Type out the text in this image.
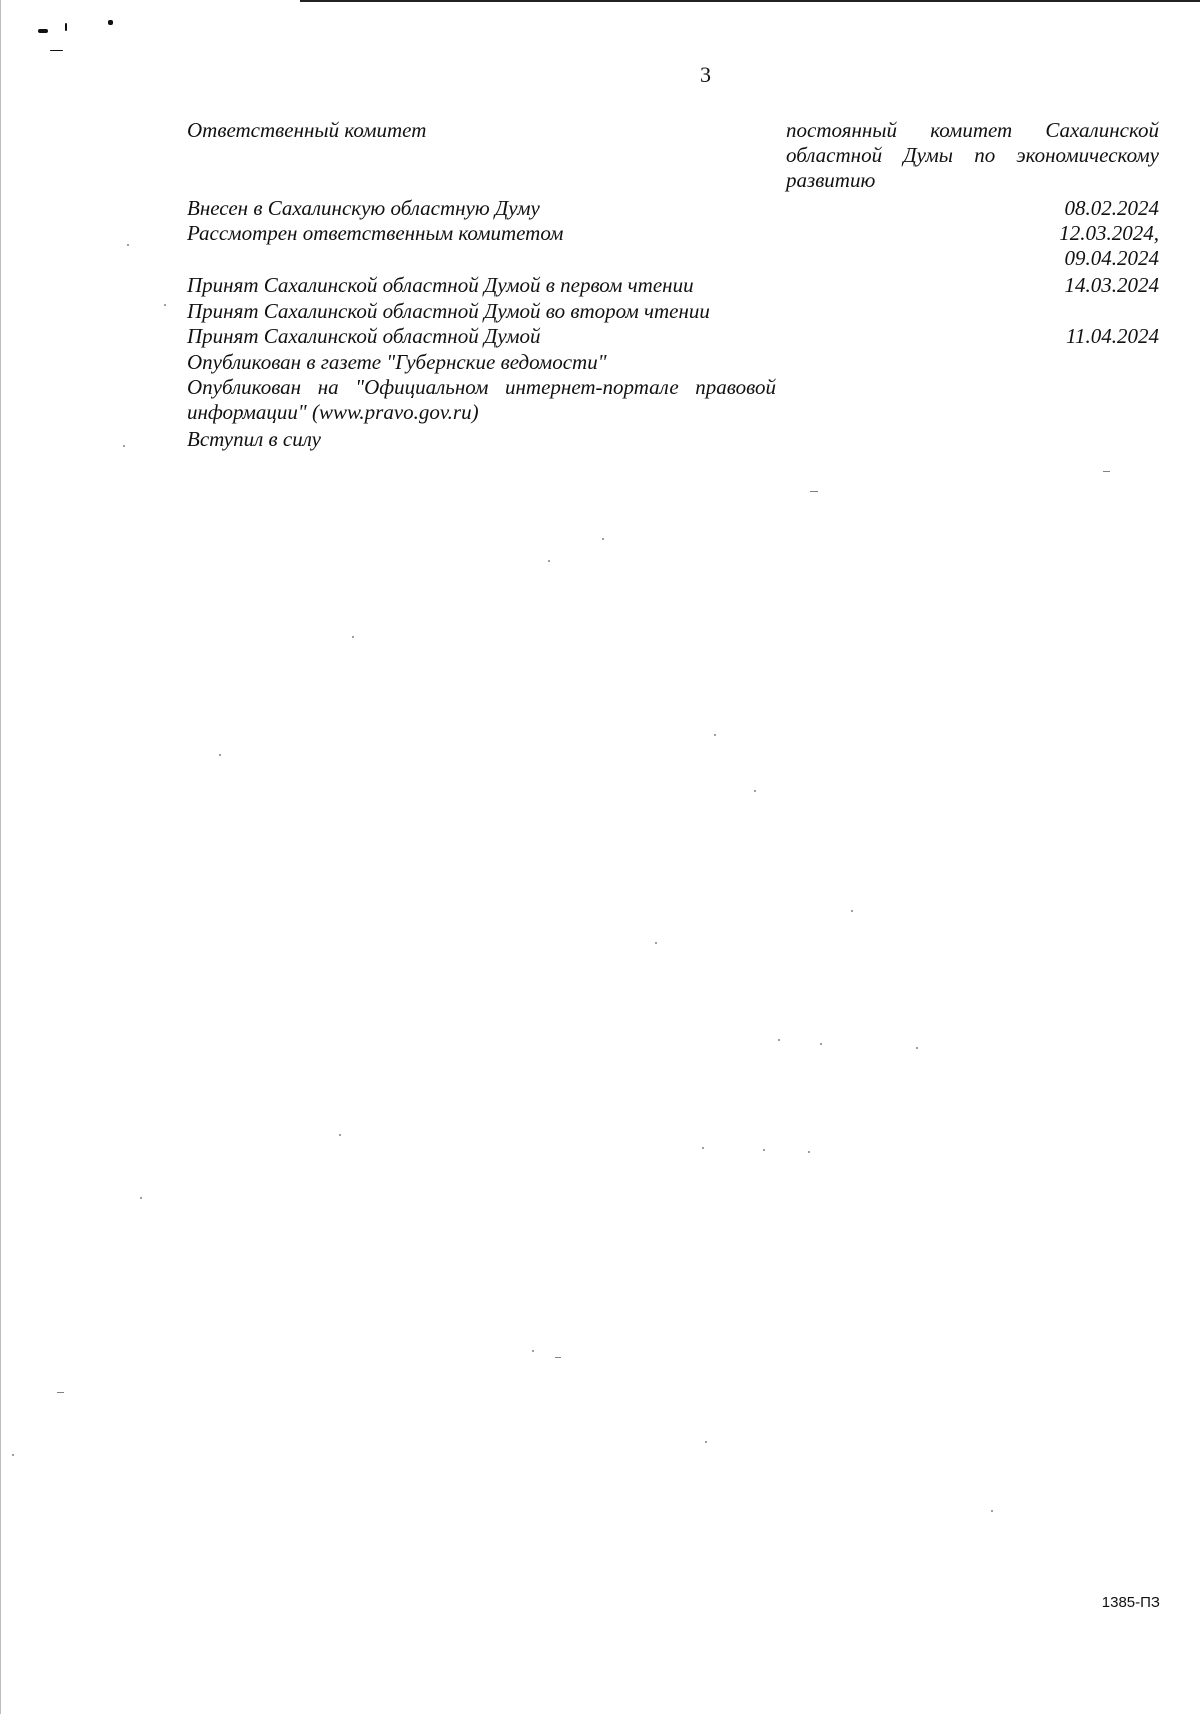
3
Ответственный комитет	постоянный комитет Сахалинской
областной Думы по экономическому
развитию
Внесен в Сахалинскую областную Думу	08.02.2024
Рассмотрен ответственным комитетом	12.03.2024,
09.04.2024
Принят Сахалинской областной Думой в первом чтении	14.03.2024
Принят Сахалинской областной Думой во втором чтении
Принят Сахалинской областной Думой	11.04.2024
Опубликован в газете "Губернские ведомости"
Опубликован на "Официальном интернет-портале правовой
информации" (www.pravo.gov.ru)
Вступил в силу
1385-ПЗ
